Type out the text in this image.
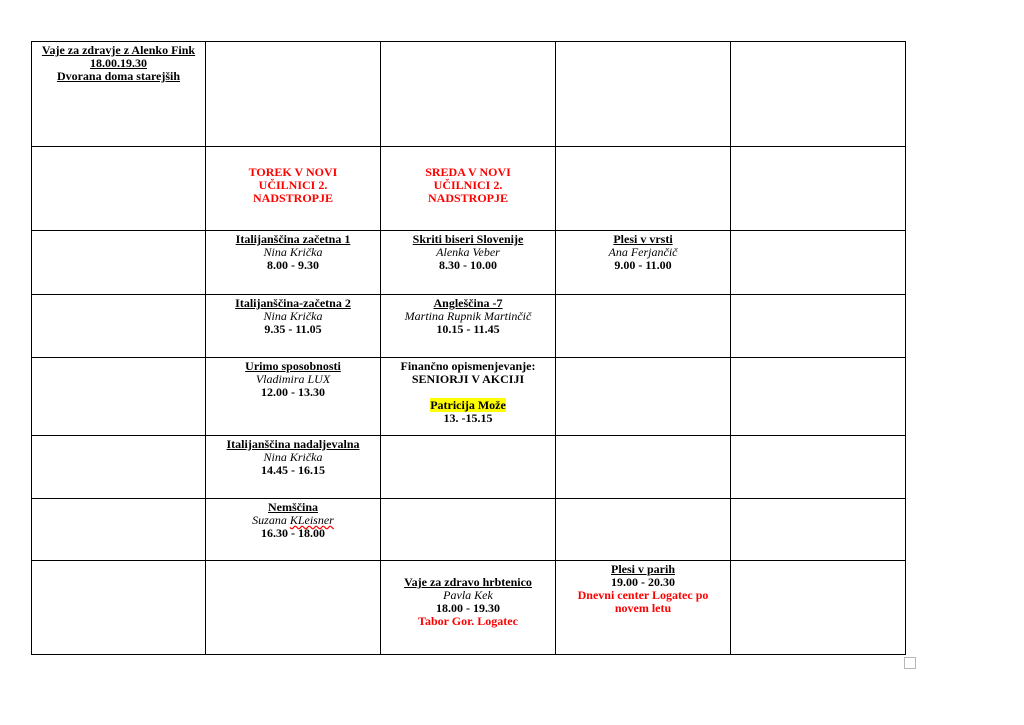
Vaje za zdravje z Alenko Fink
18.00.19.30
Dvorana doma starejših				

	TOREK V NOVI UČILNICI 2. NADSTROPJE	SREDA V NOVI UČILNICI 2. NADSTROPJE		

	Italijanščina začetna 1
Nina Kričk‍a
8.00 - 9.30	Skriti biseri Slovenije
Alenka Veber
8.30 - 10.00	Plesi v vrsti
Ana Ferjančič
9.00 - 11.00	

	Italijanščina-začetna 2
Nina Kričk‍a
9.35 - 11.05	Angleščina -7
Martina Rupnik Martinčič
10.15 - 11.45		

	Urimo sposobnosti
Vladimira LUX
12.00 - 13.30	Finančno opismenjevanje:
SENIORJI V AKCIJI
Patricija Može
13. -15.15		

	Italijanščina nadaljevalna
Nina Kričk‍a
14.45 - 16.15			

	Nemščina
Suzana KLeisner
16.30 - 18.00			

		Vaje za zdravo hrbtenico
Pavla Kek
18.00 - 19.30
Tabor Gor. Logatec	Plesi v parih
19.00 - 20.30
Dnevni center Logatec po novem letu	
